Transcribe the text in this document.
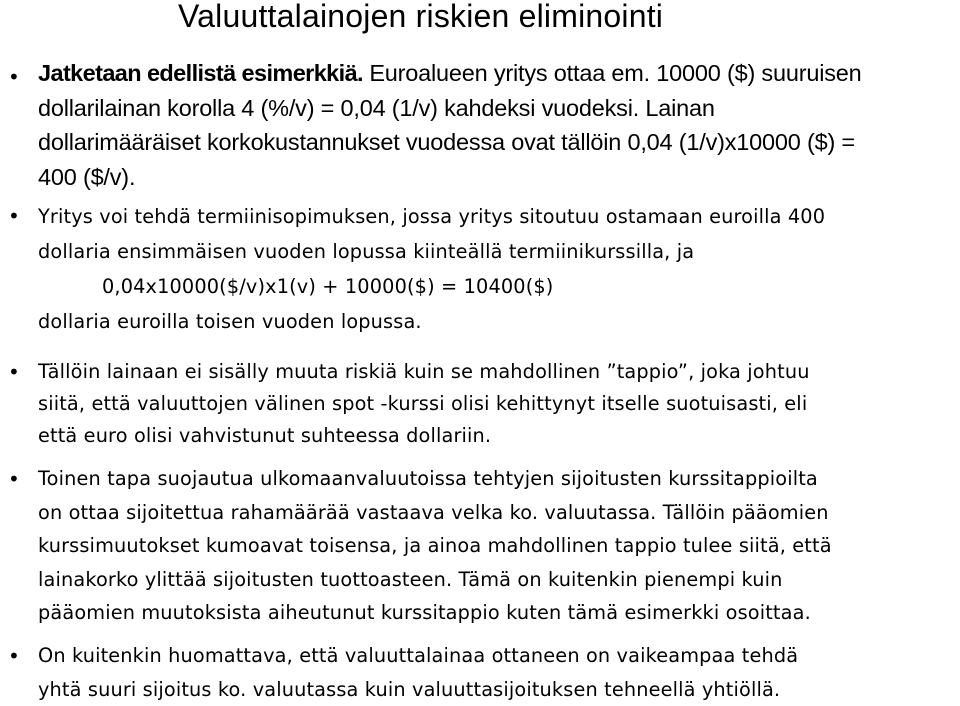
Valuuttalainojen riskien eliminointi
• Jatketaan edellistä esimerkkiä. Euroalueen yritys ottaa em. 10000 ($) suuruisen
dollarilainan korolla 4 (%/v) = 0,04 (1/v) kahdeksi vuodeksi. Lainan
dollarimääräiset korkokustannukset vuodessa ovat tällöin 0,04 (1/v)x10000 ($) =
400 ($/v).

• Yritys voi tehdä termiinisopimuksen, jossa yritys sitoutuu ostamaan euroilla 400
dollaria ensimmäisen vuoden lopussa kiinteällä termiinikurssilla, ja
0,04x10000($/v)x1(v) + 10000($) = 10400($)
dollaria euroilla toisen vuoden lopussa.

• Tällöin lainaan ei sisälly muuta riskiä kuin se mahdollinen ”tappio”, joka johtuu
siitä, että valuuttojen välinen spot -kurssi olisi kehittynyt itselle suotuisasti, eli
että euro olisi vahvistunut suhteessa dollariin.

• Toinen tapa suojautua ulkomaanvaluutoissa tehtyjen sijoitusten kurssitappioilta
on ottaa sijoitettua rahamäärää vastaava velka ko. valuutassa. Tällöin pääomien
kurssimuutokset kumoavat toisensa, ja ainoa mahdollinen tappio tulee siitä, että
lainakorko ylittää sijoitusten tuottoasteen. Tämä on kuitenkin pienempi kuin
pääomien muutoksista aiheutunut kurssitappio kuten tämä esimerkki osoittaa.

• On kuitenkin huomattava, että valuuttalainaa ottaneen on vaikeampaa tehdä
yhtä suuri sijoitus ko. valuutassa kuin valuuttasijoituksen tehneellä yhtiöllä.
